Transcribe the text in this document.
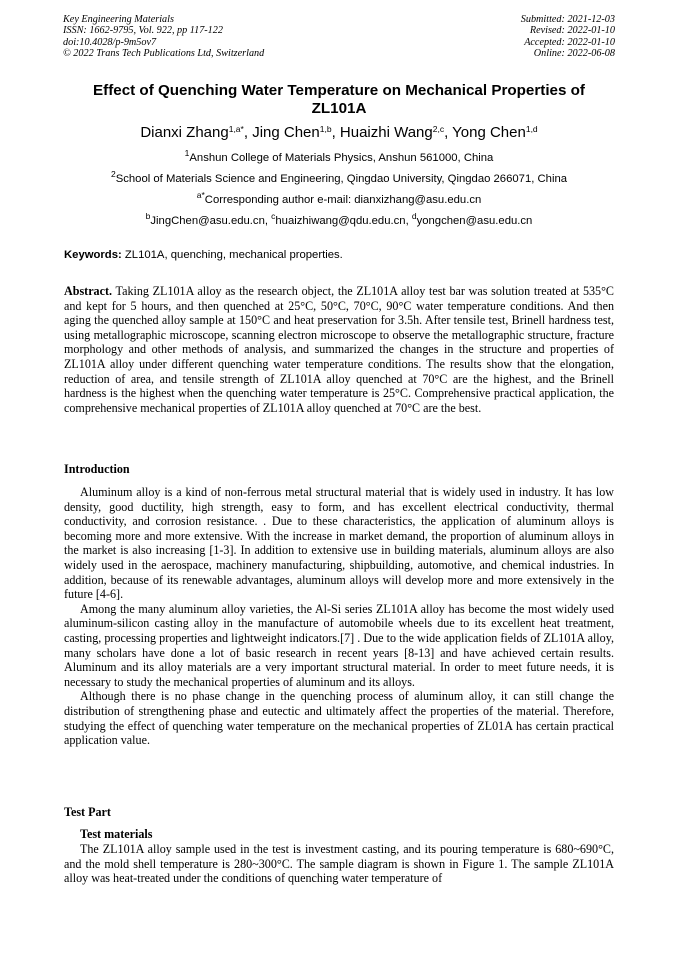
Key Engineering Materials
ISSN: 1662-9795, Vol. 922, pp 117-122
doi:10.4028/p-9m5ov7
© 2022 Trans Tech Publications Ltd, Switzerland
Submitted: 2021-12-03
Revised: 2022-01-10
Accepted: 2022-01-10
Online: 2022-06-08
Effect of Quenching Water Temperature on Mechanical Properties of ZL101A
Dianxi Zhang$^{1,a*}$, Jing Chen$^{1,b}$, Huaizhi Wang$^{2,c}$, Yong Chen$^{1,d}$
$^1$Anshun College of Materials Physics, Anshun 561000, China
$^2$School of Materials Science and Engineering, Qingdao University, Qingdao 266071, China
$^{a*}$Corresponding author e-mail: dianxizhang@asu.edu.cn
$^b$JingChen@asu.edu.cn, $^c$huaizhiwang@qdu.edu.cn, $^d$yongchen@asu.edu.cn
Keywords: ZL101A, quenching, mechanical properties.

Abstract. Taking ZL101A alloy as the research object, the ZL101A alloy test bar was solution treated at 535°C and kept for 5 hours, and then quenched at 25°C, 50°C, 70°C, 90°C water temperature conditions. And then aging the quenched alloy sample at 150°C and heat preservation for 3.5h. After tensile test, Brinell hardness test, using metallographic microscope, scanning electron microscope to observe the metallographic structure, fracture morphology and other methods of analysis, and summarized the changes in the structure and properties of ZL101A alloy under different quenching water temperature conditions. The results show that the elongation, reduction of area, and tensile strength of ZL101A alloy quenched at 70°C are the highest, and the Brinell hardness is the highest when the quenching water temperature is 25°C. Comprehensive practical application, the comprehensive mechanical properties of ZL101A alloy quenched at 70°C are the best.

Introduction

Aluminum alloy is a kind of non-ferrous metal structural material that is widely used in industry. It has low density, good ductility, high strength, easy to form, and has excellent electrical conductivity, thermal conductivity, and corrosion resistance. . Due to these characteristics, the application of aluminum alloys is becoming more and more extensive. With the increase in market demand, the proportion of aluminum alloys in the market is also increasing [1-3]. In addition to extensive use in building materials, aluminum alloys are also widely used in the aerospace, machinery manufacturing, shipbuilding, automotive, and chemical industries. In addition, because of its renewable advantages, aluminum alloys will develop more and more extensively in the future [4-6].

Among the many aluminum alloy varieties, the Al-Si series ZL101A alloy has become the most widely used aluminum-silicon casting alloy in the manufacture of automobile wheels due to its excellent heat treatment, casting, processing properties and lightweight indicators.[7] . Due to the wide application fields of ZL101A alloy, many scholars have done a lot of basic research in recent years [8-13] and have achieved certain results. Aluminum and its alloy materials are a very important structural material. In order to meet future needs, it is necessary to study the mechanical properties of aluminum and its alloys.

Although there is no phase change in the quenching process of aluminum alloy, it can still change the distribution of strengthening phase and eutectic and ultimately affect the properties of the material. Therefore, studying the effect of quenching water temperature on the mechanical properties of ZL01A has certain practical application value.

Test Part
Test materials

The ZL101A alloy sample used in the test is investment casting, and its pouring temperature is 680~690°C, and the mold shell temperature is 280~300°C. The sample diagram is shown in Figure 1. The sample ZL101A alloy was heat-treated under the conditions of quenching water temperature of
